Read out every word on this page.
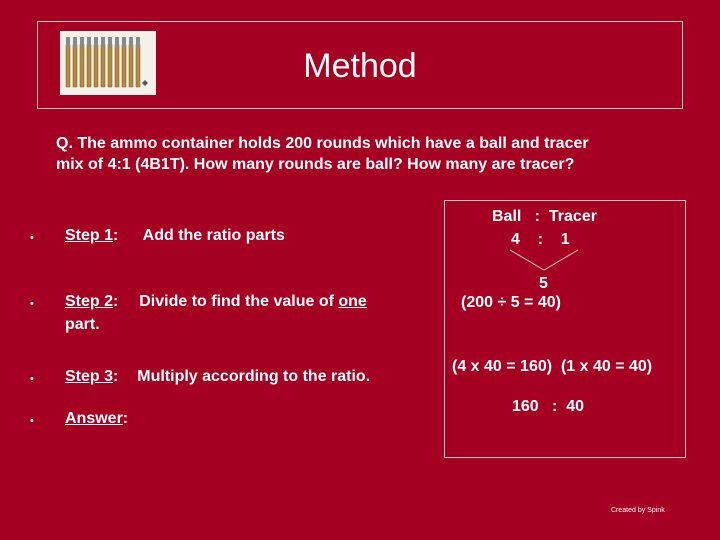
Method

Q. The ammo container holds 200 rounds which have a ball and tracer

mix of 4:1 (4B1T). How many rounds are ball? How many are tracer?

• Step 1: Add the ratio parts
• Step 2: Divide to find the value of one
part.
• Step 3: Multiply according to the ratio.
• Answer:
Ball   :  Tracer
4    :    1
5
(200 ÷ 5 = 40)
(4 x 40 = 160)  (1 x 40 = 40)
160   :  40
Created by Spink
